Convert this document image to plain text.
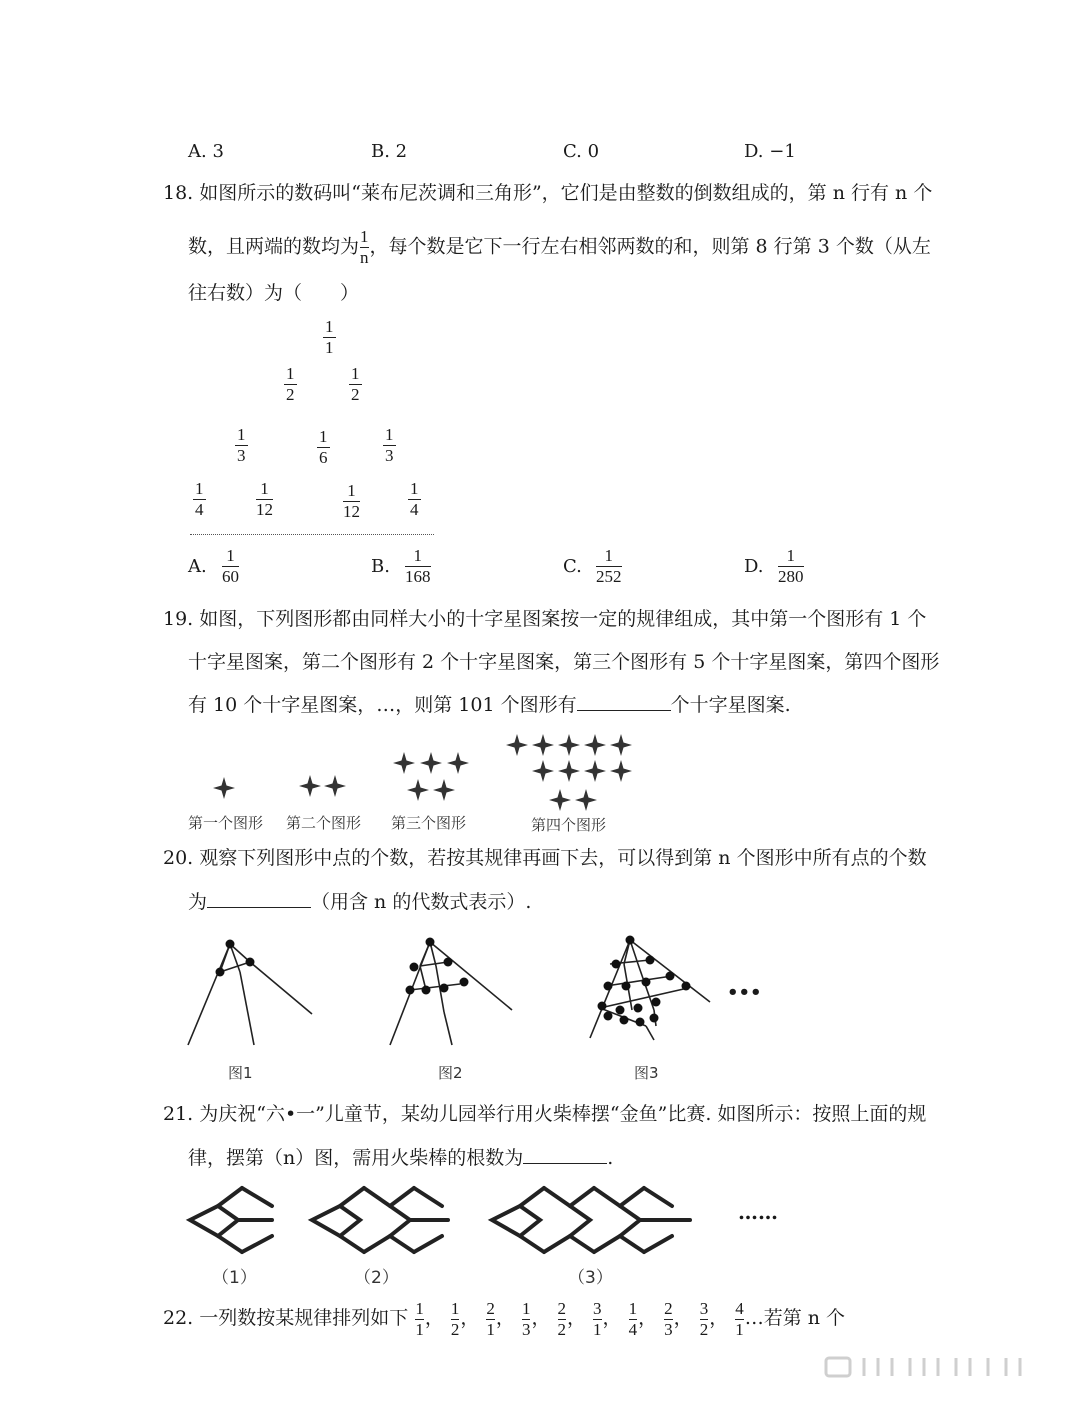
A. 3	B. 2	C. 0	D. −1
18. 如图所示的数码叫“莱布尼茨调和三角形”，它们是由整数的倒数组成的，第 n 行有 n 个
数，且两端的数均为 $\frac{1}{n}$ ，每个数是它下一行左右相邻两数的和，则第 8 行第 3 个数（从左
往右数）为（　　）
1
1
1
2
1
2
1
3
1
6
1
3
1
4
1
12
1
12
1
4
A.
1
60	B.
1
168	C.
1
252	D.
1
280
19. 如图，下列图形都由同样大小的十字星图案按一定的规律组成，其中第一个图形有 1 个
十字星图案，第二个图形有 2 个十字星图案，第三个图形有 5 个十字星图案，第四个图形
有 10 个十字星图案，…，则第 101 个图形有	个十字星图案.
第一个图形 第二个图形 第三个图形	第四个图形
20. 观察下列图形中点的个数，若按其规律再画下去，可以得到第 n 个图形中所有点的个数
为	（用含 n 的代数式表示）.
•••
图1	图2	图3
21. 为庆祝“六•一”儿童节，某幼儿园举行用火柴棒摆“金鱼”比赛. 如图所示：按照上面的规
律，摆第（n）图，需用火柴棒的根数为	.
……
（1）	（2）	（3）
22. 一列数按某规律排列如下 $\frac{1}{1}$ ， $\frac{1}{2}$ ， $\frac{2}{1}$ ， $\frac{1}{3}$ ， $\frac{2}{2}$ ， $\frac{3}{1}$ ， $\frac{1}{4}$ ， $\frac{2}{3}$ ， $\frac{3}{2}$ ， $\frac{4}{1}$ …若第 n 个
